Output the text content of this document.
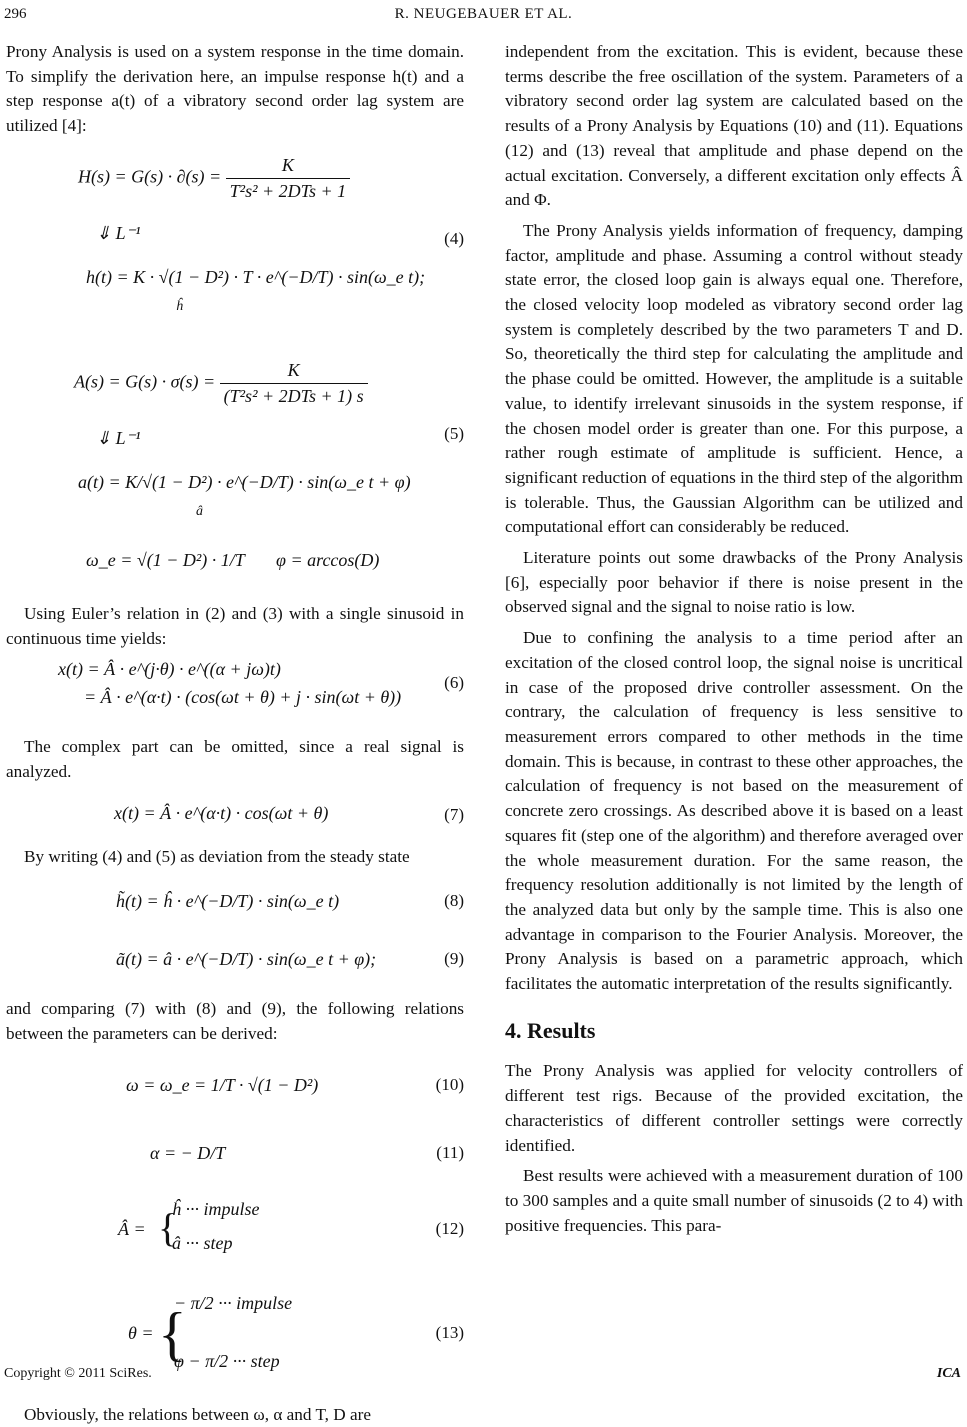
296	R. NEUGEBAUER ET AL.

Prony Analysis is used on a system response in the time domain. To simplify the derivation here, an impulse response h(t) and a step response a(t) of a vibratory second order lag system are utilized [4]:

$H(s) = G(s) \cdot \partial(s) = \frac{K}{\text{T²s² + 2DTs + 1}}$
⇓ L⁻¹
h(t) = K · √(1 − D²) · T · e^(−D/T) · sin(ω_e t);
ĥ
(4)
$A(s) = G(s) \cdot \sigma(s) = \frac{K}{\text{(T²s² + 2DTs + 1) s}}$
⇓ L⁻¹
a(t) = K/√(1 − D²) · e^(−D/T) · sin(ω_e t + φ)
â
ω_e = √(1 − D²) · 1/T φ = arccos(D)
(5)

Using Euler’s relation in (2) and (3) with a single sinusoid in continuous time yields:

x(t) = Â · e^(j·θ) · e^((α + jω)t)
= Â · e^(α·t) · (cos(ωt + θ) + j · sin(ωt + θ))
(6)

The complex part can be omitted, since a real signal is analyzed.

x(t) = Â · e^(α·t) · cos(ωt + θ)	(7)

By writing (4) and (5) as deviation from the steady state

h̃(t) = ĥ · e^(−D/T) · sin(ω_e t)	(8)
ã(t) = â · e^(−D/T) · sin(ω_e t + φ);	(9)

and comparing (7) with (8) and (9), the following relations between the parameters can be derived:

ω = ω_e = 1/T · √(1 − D²)	(10)
α = − D/T	(11)
Â = {
ĥ ··· impulse
â ··· step
(12)
θ = {
− π/2 ··· impulse
φ − π/2 ··· step
(13)

Obviously, the relations between ω, α and T, D are

independent from the excitation. This is evident, because these terms describe the free oscillation of the system. Parameters of a vibratory second order lag system are calculated based on the results of a Prony Analysis by Equations (10) and (11). Equations (12) and (13) reveal that amplitude and phase depend on the actual excitation. Conversely, a different excitation only effects Â and Φ.

The Prony Analysis yields information of frequency, damping factor, amplitude and phase. Assuming a control without steady state error, the closed loop gain is always equal one. Therefore, the closed velocity loop modeled as vibratory second order lag system is completely described by the two parameters T and D. So, theoretically the third step for calculating the amplitude and the phase could be omitted. However, the amplitude is a suitable value, to identify irrelevant sinusoids in the system response, if the chosen model order is greater than one. For this purpose, a rather rough estimate of amplitude is sufficient. Hence, a significant reduction of equations in the third step of the algorithm is tolerable. Thus, the Gaussian Algorithm can be utilized and computational effort can considerably be reduced.

Literature points out some drawbacks of the Prony Analysis [6], especially poor behavior if there is noise present in the observed signal and the signal to noise ratio is low.

Due to confining the analysis to a time period after an excitation of the closed control loop, the signal noise is uncritical in case of the proposed drive controller assessment. On the contrary, the calculation of frequency is less sensitive to measurement errors compared to other methods in the time domain. This is because, in contrast to these other approaches, the calculation of frequency is not based on the measurement of concrete zero crossings. As described above it is based on a least squares fit (step one of the algorithm) and therefore averaged over the whole measurement duration. For the same reason, the frequency resolution additionally is not limited by the length of the analyzed data but only by the sample time. This is also one advantage in comparison to the Fourier Analysis. Moreover, the Prony Analysis is based on a parametric approach, which facilitates the automatic interpretation of the results significantly.

4. Results

The Prony Analysis was applied for velocity controllers of different test rigs. Because of the provided excitation, the characteristics of different controller settings were correctly identified.

Best results were achieved with a measurement duration of 100 to 300 samples and a quite small number of sinusoids (2 to 4) with positive frequencies. This para-

Copyright © 2011 SciRes.	ICA
